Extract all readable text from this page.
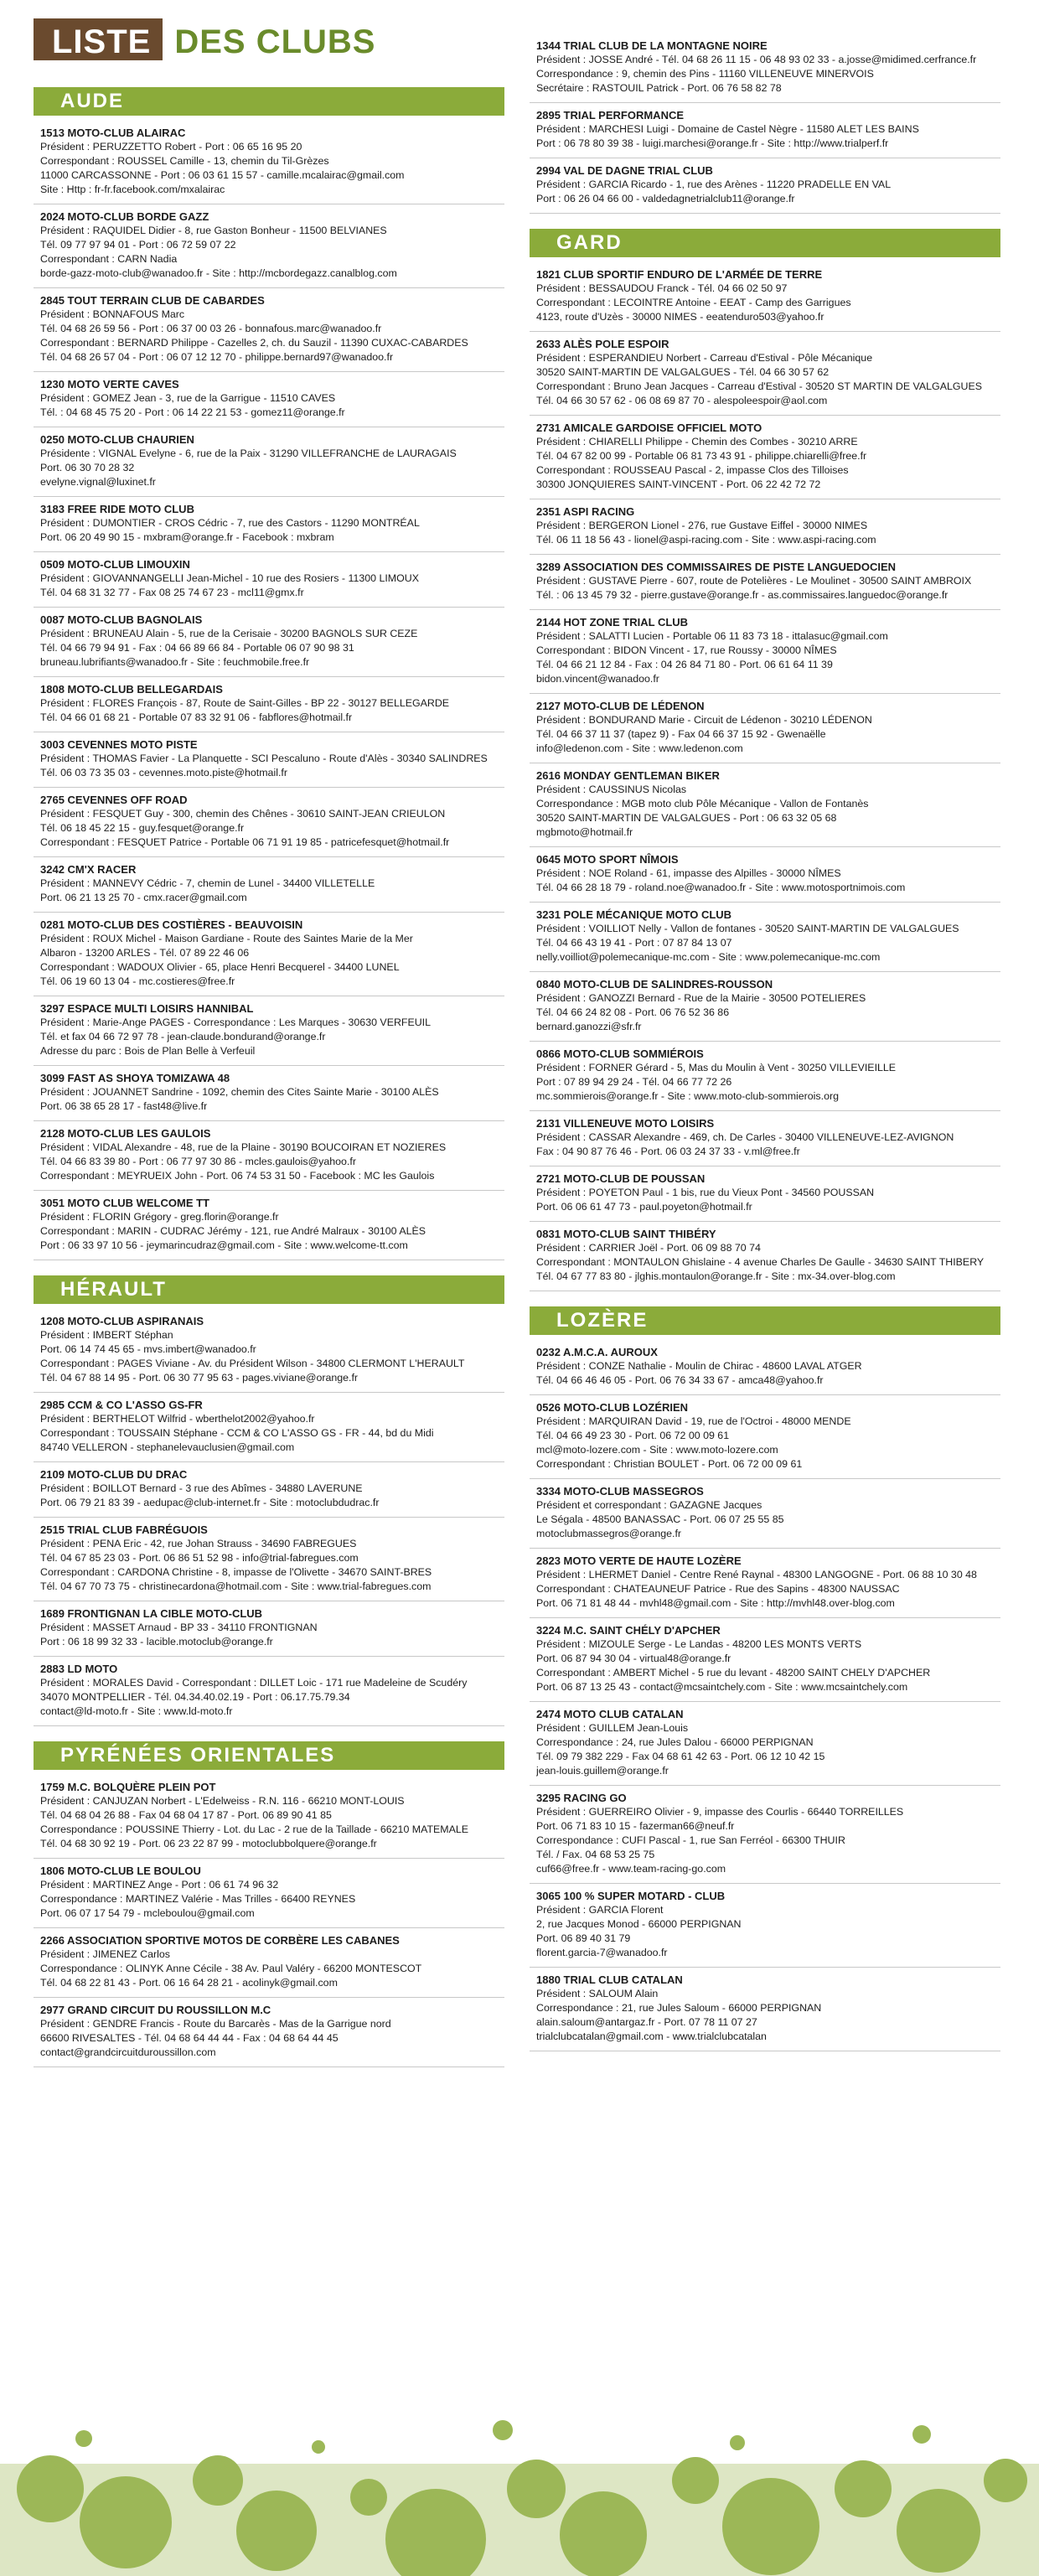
LISTE DES CLUBS
AUDE
1513 MOTO-CLUB ALAIRAC
Président : PERUZZETTO Robert - Port : 06 65 16 95 20
Correspondant : ROUSSEL Camille - 13, chemin du Til-Grèzes
11000 CARCASSONNE - Port : 06 03 61 15 57 - camille.mcalairac@gmail.com
Site : Http : fr-fr.facebook.com/mxalairac
2024 MOTO-CLUB BORDE GAZZ
Président : RAQUIDEL Didier - 8, rue Gaston Bonheur - 11500 BELVIANES
Tél. 09 77 97 94 01 - Port : 06 72 59 07 22
Correspondant : CARN Nadia
borde-gazz-moto-club@wanadoo.fr - Site : http://mcbordegazz.canalblog.com
2845 TOUT TERRAIN CLUB DE CABARDES
Président : BONNAFOUS Marc
Tél. 04 68 26 59 56 - Port : 06 37 00 03 26 - bonnafous.marc@wanadoo.fr
Correspondant : BERNARD Philippe - Cazelles 2, ch. du Sauzil - 11390 CUXAC-CABARDES
Tél. 04 68 26 57 04 - Port : 06 07 12 12 70 - philippe.bernard97@wanadoo.fr
1230 MOTO VERTE CAVES
Président : GOMEZ Jean - 3, rue de la Garrigue - 11510 CAVES
Tél. : 04 68 45 75 20 - Port : 06 14 22 21 53 - gomez11@orange.fr
0250 MOTO-CLUB CHAURIEN
Présidente : VIGNAL Evelyne - 6, rue de la Paix - 31290 VILLEFRANCHE de LAURAGAIS
Port. 06 30 70 28 32
evelyne.vignal@luxinet.fr
3183 FREE RIDE MOTO CLUB
Président : DUMONTIER - CROS Cédric - 7, rue des Castors - 11290 MONTRÉAL
Port. 06 20 49 90 15 - mxbram@orange.fr - Facebook : mxbram
0509 MOTO-CLUB LIMOUXIN
Président : GIOVANNANGELLI Jean-Michel - 10 rue des Rosiers - 11300 LIMOUX
Tél. 04 68 31 32 77 - Fax 08 25 74 67 23 - mcl11@gmx.fr
0087 MOTO-CLUB BAGNOLAIS
Président : BRUNEAU Alain - 5, rue de la Cerisaie - 30200 BAGNOLS SUR CEZE
Tél. 04 66 79 94 91 - Fax : 04 66 89 66 84 - Portable 06 07 90 98 31
bruneau.lubrifiants@wanadoo.fr - Site : feuchmobile.free.fr
1808 MOTO-CLUB BELLEGARDAIS
Président : FLORES François - 87, Route de Saint-Gilles - BP 22 - 30127 BELLEGARDE
Tél. 04 66 01 68 21 - Portable 07 83 32 91 06 - fabflores@hotmail.fr
3003 CEVENNES MOTO PISTE
Président : THOMAS Favier - La Planquette - SCI Pescaluno - Route d'Alès - 30340 SALINDRES
Tél. 06 03 73 35 03 - cevennes.moto.piste@hotmail.fr
2765 CEVENNES OFF ROAD
Président : FESQUET Guy - 300, chemin des Chênes - 30610 SAINT-JEAN CRIEULON
Tél. 06 18 45 22 15 - guy.fesquet@orange.fr
Correspondant : FESQUET Patrice - Portable 06 71 91 19 85 - patricefesquet@hotmail.fr
3242 CM'X RACER
Président : MANNEVY Cédric - 7, chemin de Lunel - 34400 VILLETELLE
Port. 06 21 13 25 70 - cmx.racer@gmail.com
0281 MOTO-CLUB DES COSTIÈRES - BEAUVOISIN
Président : ROUX Michel - Maison Gardiane - Route des Saintes Marie de la Mer
Albaron - 13200 ARLES - Tél. 07 89 22 46 06
Correspondant : WADOUX Olivier - 65, place Henri Becquerel - 34400 LUNEL
Tél. 06 19 60 13 04 - mc.costieres@free.fr
3297 ESPACE MULTI LOISIRS HANNIBAL
Président : Marie-Ange PAGES - Correspondance : Les Marques - 30630 VERFEUIL
Tél. et fax 04 66 72 97 78 - jean-claude.bondurand@orange.fr
Adresse du parc : Bois de Plan Belle à Verfeuil
3099 FAST AS SHOYA TOMIZAWA 48
Président : JOUANNET Sandrine - 1092, chemin des Cites Sainte Marie - 30100 ALÈS
Port. 06 38 65 28 17 - fast48@live.fr
2128 MOTO-CLUB LES GAULOIS
Président : VIDAL Alexandre - 48, rue de la Plaine - 30190 BOUCOIRAN ET NOZIERES
Tél. 04 66 83 39 80 - Port : 06 77 97 30 86 - mcles.gaulois@yahoo.fr
Correspondant : MEYRUEIX John - Port. 06 74 53 31 50 - Facebook : MC les Gaulois
3051 MOTO CLUB WELCOME TT
Président : FLORIN Grégory - greg.florin@orange.fr
Correspondant : MARIN - CUDRAC Jérémy - 121, rue André Malraux - 30100 ALÈS
Port : 06 33 97 10 56 - jeymarincudraz@gmail.com - Site : www.welcome-tt.com
HÉRAULT
1208 MOTO-CLUB ASPIRANAIS
Président : IMBERT Stéphan
Port. 06 14 74 45 65 - mvs.imbert@wanadoo.fr
Correspondant : PAGES Viviane - Av. du Président Wilson - 34800 CLERMONT L'HERAULT
Tél. 04 67 88 14 95 - Port. 06 30 77 95 63 - pages.viviane@orange.fr
2985 CCM & CO L'ASSO GS-FR
Président : BERTHELOT Wilfrid - wberthelot2002@yahoo.fr
Correspondant : TOUSSAIN Stéphane - CCM & CO L'ASSO GS - FR - 44, bd du Midi
84740 VELLERON - stephanelevauclusien@gmail.com
2109 MOTO-CLUB DU DRAC
Président : BOILLOT Bernard - 3 rue des Abîmes - 34880 LAVERUNE
Port. 06 79 21 83 39 - aedupac@club-internet.fr - Site : motoclubdudrac.fr
2515 TRIAL CLUB FABRÉGUOIS
Président : PENA Eric - 42, rue Johan Strauss - 34690 FABREGUES
Tél. 04 67 85 23 03 - Port. 06 86 51 52 98 - info@trial-fabregues.com
Correspondant : CARDONA Christine - 8, impasse de l'Olivette - 34670 SAINT-BRES
Tél. 04 67 70 73 75 - christinecardona@hotmail.com - Site : www.trial-fabregues.com
1689 FRONTIGNAN LA CIBLE MOTO-CLUB
Président : MASSET Arnaud - BP 33 - 34110 FRONTIGNAN
Port : 06 18 99 32 33 - lacible.motoclub@orange.fr
2883 LD MOTO
Président : MORALES David - Correspondant : DILLET Loic - 171 rue Madeleine de Scudéry
34070 MONTPELLIER - Tél. 04.34.40.02.19 - Port : 06.17.75.79.34
contact@ld-moto.fr - Site : www.ld-moto.fr
PYRÉNÉES ORIENTALES
1759 M.C. BOLQUÈRE PLEIN POT
Président : CANJUZAN Norbert - L'Edelweiss - R.N. 116 - 66210 MONT-LOUIS
Tél. 04 68 04 26 88 - Fax 04 68 04 17 87 - Port. 06 89 90 41 85
Correspondance : POUSSINE Thierry - Lot. du Lac - 2 rue de la Taillade - 66210 MATEMALE
Tél. 04 68 30 92 19 - Port. 06 23 22 87 99 - motoclubbolquere@orange.fr
1806 MOTO-CLUB LE BOULOU
Président : MARTINEZ Ange - Port : 06 61 74 96 32
Correspondance : MARTINEZ Valérie - Mas Trilles - 66400 REYNES
Port. 06 07 17 54 79 - mcleboulou@gmail.com
2266 ASSOCIATION SPORTIVE MOTOS DE CORBÈRE LES CABANES
Président : JIMENEZ Carlos
Correspondance : OLINYK Anne Cécile - 38 Av. Paul Valéry - 66200 MONTESCOT
Tél. 04 68 22 81 43 - Port. 06 16 64 28 21 - acolinyk@gmail.com
2977 GRAND CIRCUIT DU ROUSSILLON M.C
Président : GENDRE Francis - Route du Barcarès - Mas de la Garrigue nord
66600 RIVESALTES - Tél. 04 68 64 44 44 - Fax : 04 68 64 44 45
contact@grandcircuitduroussillon.com
1344 TRIAL CLUB DE LA MONTAGNE NOIRE
Président : JOSSE André - Tél. 04 68 26 11 15 - 06 48 93 02 33 - a.josse@midimed.cerfrance.fr
Correspondance : 9, chemin des Pins - 11160 VILLENEUVE MINERVOIS
Secrétaire : RASTOUIL Patrick - Port. 06 76 58 82 78
2895 TRIAL PERFORMANCE
Président : MARCHESI Luigi - Domaine de Castel Nègre - 11580 ALET LES BAINS
Port : 06 78 80 39 38 - luigi.marchesi@orange.fr - Site : http://www.trialperf.fr
2994 VAL DE DAGNE TRIAL CLUB
Président : GARCIA Ricardo - 1, rue des Arènes - 11220 PRADELLE EN VAL
Port : 06 26 04 66 00 - valdedagnetrialclub11@orange.fr
GARD
1821 CLUB SPORTIF ENDURO DE L'ARMÉE DE TERRE
Président : BESSAUDOU Franck - Tél. 04 66 02 50 97
Correspondant : LECOINTRE Antoine - EEAT - Camp des Garrigues
4123, route d'Uzès - 30000 NIMES - eeatenduro503@yahoo.fr
2633 ALÈS POLE ESPOIR
Président : ESPERANDIEU Norbert - Carreau d'Estival - Pôle Mécanique
30520 SAINT-MARTIN DE VALGALGUES - Tél. 04 66 30 57 62
Correspondant : Bruno Jean Jacques - Carreau d'Estival - 30520 ST MARTIN DE VALGALGUES
Tél. 04 66 30 57 62 - 06 08 69 87 70 - alespoleespoir@aol.com
2731 AMICALE GARDOISE OFFICIEL MOTO
Président : CHIARELLI Philippe - Chemin des Combes - 30210 ARRE
Tél. 04 67 82 00 99 - Portable 06 81 73 43 91 - philippe.chiarelli@free.fr
Correspondant : ROUSSEAU Pascal - 2, impasse Clos des Tilloises
30300 JONQUIERES SAINT-VINCENT - Port. 06 22 42 72 72
2351 ASPI RACING
Président : BERGERON Lionel - 276, rue Gustave Eiffel - 30000 NIMES
Tél. 06 11 18 56 43 - lionel@aspi-racing.com - Site : www.aspi-racing.com
3289 ASSOCIATION DES COMMISSAIRES DE PISTE LANGUEDOCIEN
Président : GUSTAVE Pierre - 607, route de Potelières - Le Moulinet - 30500 SAINT AMBROIX
Tél. : 06 13 45 79 32 - pierre.gustave@orange.fr - as.commissaires.languedoc@orange.fr
2144 HOT ZONE TRIAL CLUB
Président : SALATTI Lucien - Portable 06 11 83 73 18 - ittalasuc@gmail.com
Correspondant : BIDON Vincent - 17, rue Roussy - 30000 NÎMES
Tél. 04 66 21 12 84 - Fax : 04 26 84 71 80 - Port. 06 61 64 11 39
bidon.vincent@wanadoo.fr
2127 MOTO-CLUB DE LÉDENON
Président : BONDURAND Marie - Circuit de Lédenon - 30210 LÉDENON
Tél. 04 66 37 11 37 (tapez 9) - Fax 04 66 37 15 92 - Gwenaëlle
info@ledenon.com - Site : www.ledenon.com
2616 MONDAY GENTLEMAN BIKER
Président : CAUSSINUS Nicolas
Correspondance : MGB moto club Pôle Mécanique - Vallon de Fontanès
30520 SAINT-MARTIN DE VALGALGUES - Port : 06 63 32 05 68
mgbmoto@hotmail.fr
0645 MOTO SPORT NÎMOIS
Président : NOE Roland - 61, impasse des Alpilles - 30000 NÎMES
Tél. 04 66 28 18 79 - roland.noe@wanadoo.fr - Site : www.motosportnimois.com
3231 POLE MÉCANIQUE MOTO CLUB
Président : VOILLIOT Nelly - Vallon de fontanes - 30520 SAINT-MARTIN DE VALGALGUES
Tél. 04 66 43 19 41 - Port : 07 87 84 13 07
nelly.voilliot@polemecanique-mc.com - Site : www.polemecanique-mc.com
0840 MOTO-CLUB DE SALINDRES-ROUSSON
Président : GANOZZI Bernard - Rue de la Mairie - 30500 POTELIERES
Tél. 04 66 24 82 08 - Port. 06 76 52 36 86
bernard.ganozzi@sfr.fr
0866 MOTO-CLUB SOMMIÉROIS
Président : FORNER Gérard - 5, Mas du Moulin à Vent - 30250 VILLEVIEILLE
Port : 07 89 94 29 24 - Tél. 04 66 77 72 26
mc.sommierois@orange.fr - Site : www.moto-club-sommierois.org
2131 VILLENEUVE MOTO LOISIRS
Président : CASSAR Alexandre - 469, ch. De Carles - 30400 VILLENEUVE-LEZ-AVIGNON
Fax : 04 90 87 76 46 - Port. 06 03 24 37 33 - v.ml@free.fr
2721 MOTO-CLUB DE POUSSAN
Président : POYETON Paul - 1 bis, rue du Vieux Pont - 34560 POUSSAN
Port. 06 06 61 47 73 - paul.poyeton@hotmail.fr
0831 MOTO-CLUB SAINT THIBÉRY
Président : CARRIER Joël - Port. 06 09 88 70 74
Correspondant : MONTAULON Ghislaine - 4 avenue Charles De Gaulle - 34630 SAINT THIBERY
Tél. 04 67 77 83 80 - jlghis.montaulon@orange.fr - Site : mx-34.over-blog.com
LOZÈRE
0232 A.M.C.A. AUROUX
Président : CONZE Nathalie - Moulin de Chirac - 48600 LAVAL ATGER
Tél. 04 66 46 46 05 - Port. 06 76 34 33 67 - amca48@yahoo.fr
0526 MOTO-CLUB LOZÉRIEN
Président : MARQUIRAN David - 19, rue de l'Octroi - 48000 MENDE
Tél. 04 66 49 23 30 - Port. 06 72 00 09 61
mcl@moto-lozere.com - Site : www.moto-lozere.com
Correspondant : Christian BOULET - Port. 06 72 00 09 61
3334 MOTO-CLUB MASSEGROS
Président et correspondant : GAZAGNE Jacques
Le Ségala - 48500 BANASSAC - Port. 06 07 25 55 85
motoclubmassegros@orange.fr
2823 MOTO VERTE DE HAUTE LOZÈRE
Président : LHERMET Daniel - Centre René Raynal - 48300 LANGOGNE - Port. 06 88 10 30 48
Correspondant : CHATEAUNEUF Patrice - Rue des Sapins - 48300 NAUSSAC
Port. 06 71 81 48 44 - mvhl48@gmail.com - Site : http://mvhl48.over-blog.com
3224 M.C. SAINT CHÉLY D'APCHER
Président : MIZOULE Serge - Le Landas - 48200 LES MONTS VERTS
Port. 06 87 94 30 04 - virtual48@orange.fr
Correspondant : AMBERT Michel - 5 rue du levant - 48200 SAINT CHELY D'APCHER
Port. 06 87 13 25 43 - contact@mcsaintchely.com - Site : www.mcsaintchely.com
2474 MOTO CLUB CATALAN
Président : GUILLEM Jean-Louis
Correspondance : 24, rue Jules Dalou - 66000 PERPIGNAN
Tél. 09 79 382 229 - Fax 04 68 61 42 63 - Port. 06 12 10 42 15
jean-louis.guillem@orange.fr
3295 RACING GO
Président : GUERREIRO Olivier - 9, impasse des Courlis - 66440 TORREILLES
Port. 06 71 83 10 15 - fazerman66@neuf.fr
Correspondance : CUFI Pascal - 1, rue San Ferréol - 66300 THUIR
Tél. / Fax. 04 68 53 25 75
cuf66@free.fr - www.team-racing-go.com
3065 100 % SUPER MOTARD - CLUB
Président : GARCIA Florent
2, rue Jacques Monod - 66000 PERPIGNAN
Port. 06 89 40 31 79
florent.garcia-7@wanadoo.fr
1880 TRIAL CLUB CATALAN
Président : SALOUM Alain
Correspondance : 21, rue Jules Saloum - 66000 PERPIGNAN
alain.saloum@antargaz.fr - Port. 07 78 11 07 27
trialclubcatalan@gmail.com - www.trialclubcatalan
